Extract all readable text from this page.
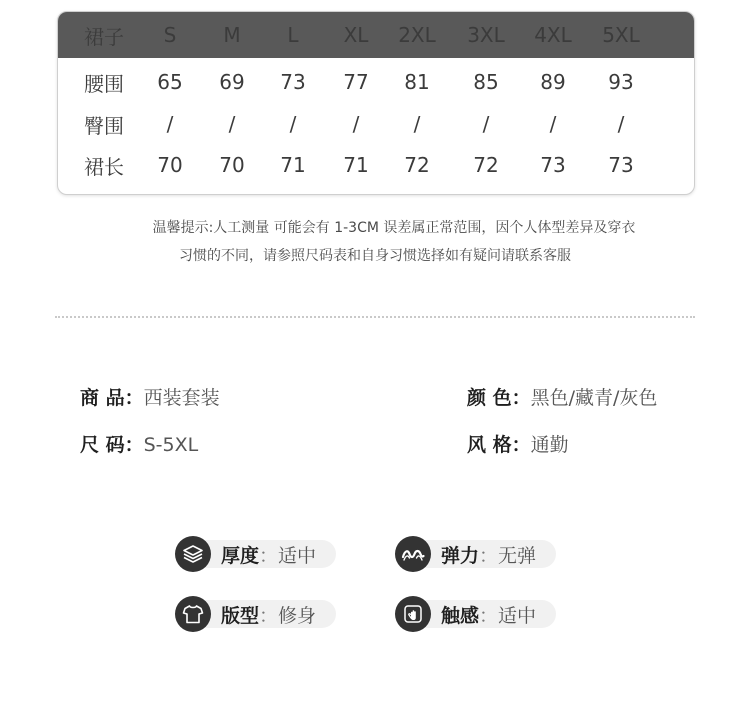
裙子 S M L XL 2XL 3XL 4XL 5XL
腰围 65 69 73 77 81 85 89 93
臀围 /	/	/	/	/	/	/	/
裙长 70 70 71 71 72 72 73 73
温馨提示:人工测量 可能会有 1-3CM 误差属正常范围，因个人体型差异及穿衣
习惯的不同，请参照尺码表和自身习惯选择如有疑问请联系客服
商 品：西装套装	颜 色：黑色/藏青/灰色
尺 码：S-5XL	风 格：通勤
厚度：适中	弹力：无弹
版型：修身	触感：适中
